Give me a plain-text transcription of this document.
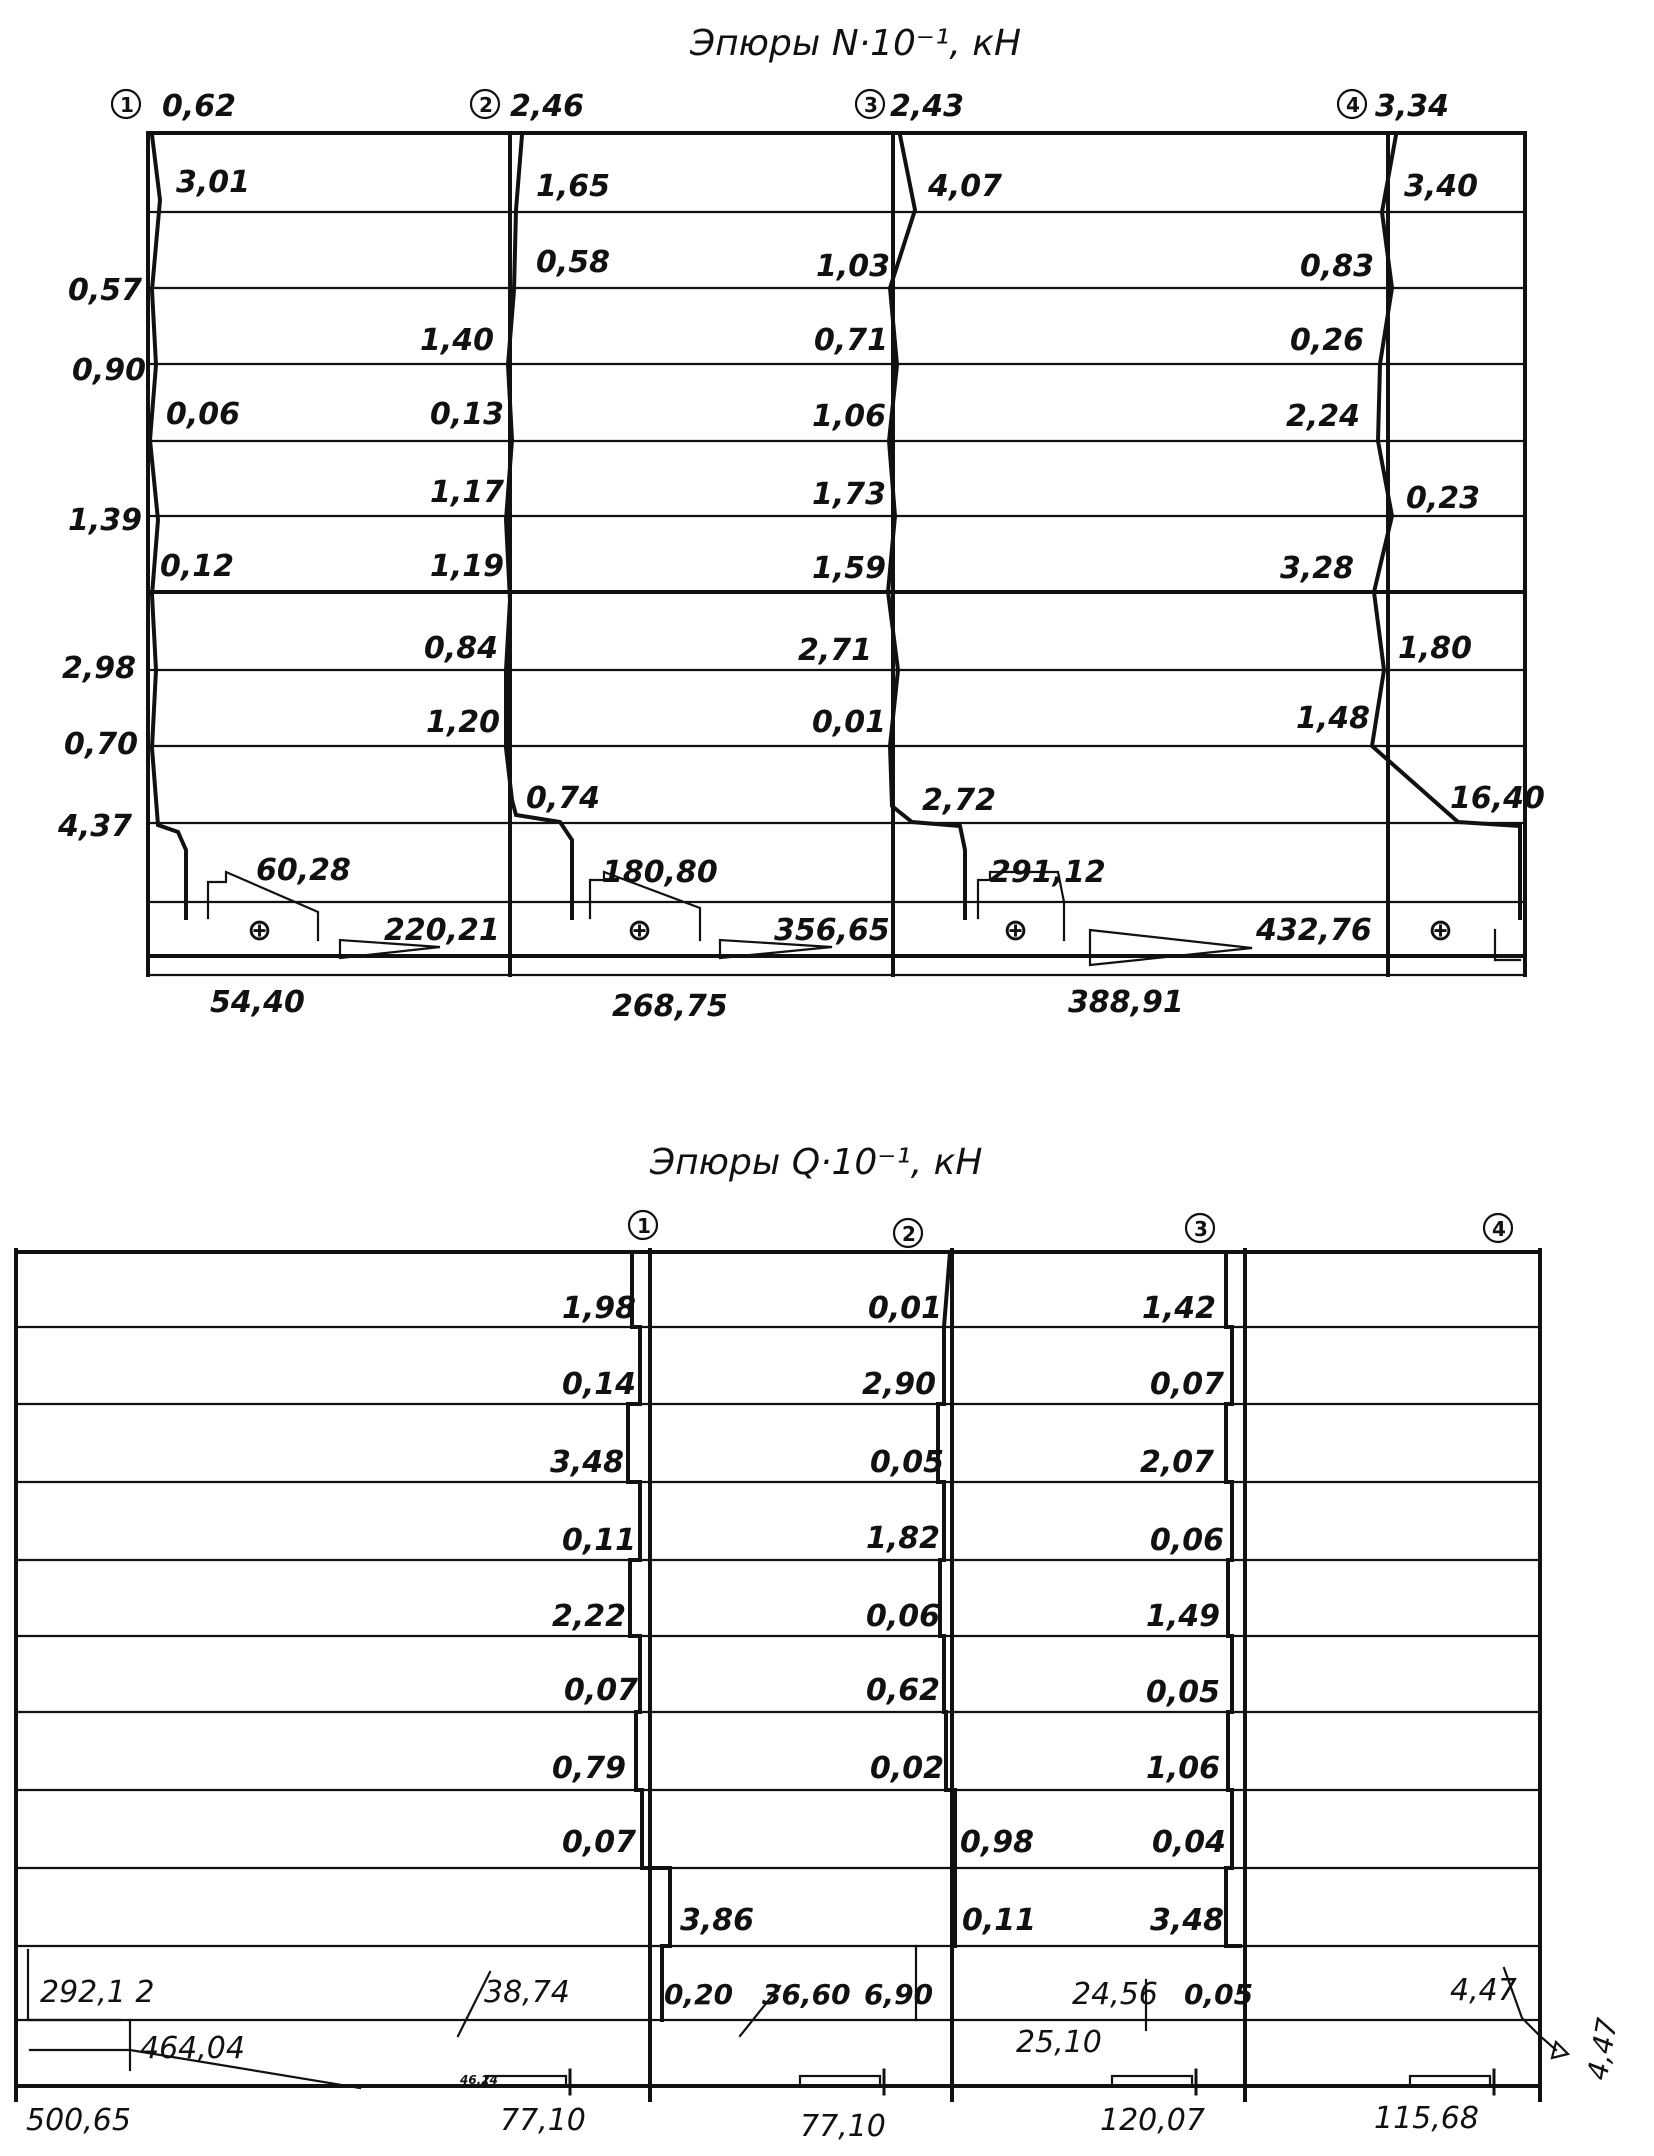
Эпюры N·10⁻¹, кН
1	2	3	4
⊕	⊕	⊕	⊕
0,62	2,46	2,43	3,34
0,57
0,90
1,39
2,98
0,70
4,37
3,01
0,06
0,12
1,40
0,13
1,17
1,19
0,84
1,20
1,65
0,58
0,74
1,03
0,71
1,06
1,73
1,59
2,71
0,01
4,07
2,72
0,83
0,26
2,24
3,28
1,48
3,40
0,23
1,80
16,40
60,28
220,21
180,80
356,65
291,12
432,76
54,40	268,75	388,91
Эпюры Q·10⁻¹, кН
1	2	3	4
1,98
0,14
3,48
0,11
2,22
0,07
0,79
0,07
0,01
2,90
0,05
1,82
0,06
0,62
0,02
1,42
0,07
2,07
0,06
1,49
0,05
1,06
0,04
3,48
3,86
0,98
0,11
292,1 2	38,74	0,20 36,60 6,90	24,56 0,05	4,47
464,04	25,10
46,24	4,47
500,65	77,10	77,10	120,07	115,68
